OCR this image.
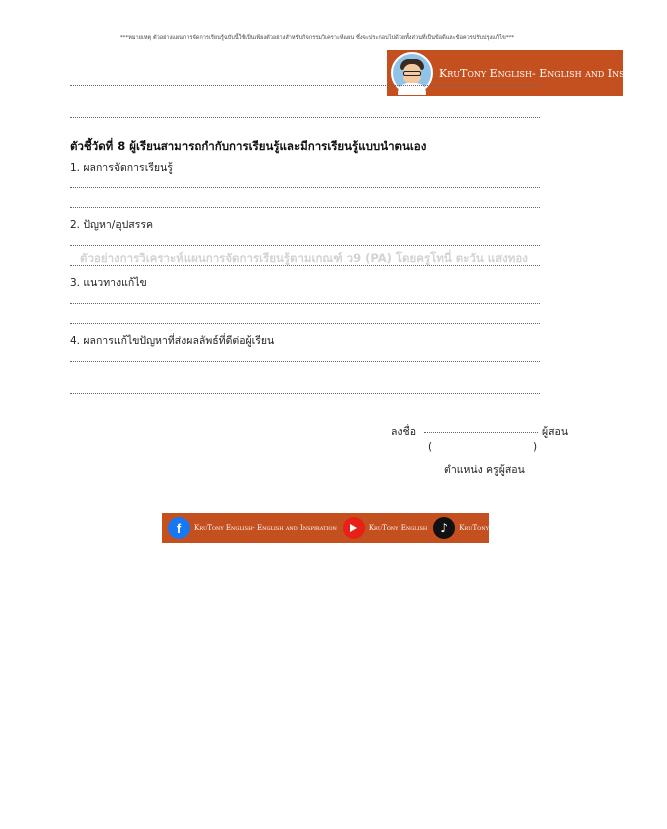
***หมายเหตุ ตัวอย่างแผนการจัดการเรียนรู้ฉบับนี้ใช้เป็นเพียงตัวอย่างสำหรับกิจกรรมวิเคราะห์แผน ซึ่งจะประกอบไปด้วยทั้งส่วนที่เป็นข้อดีและข้อควรปรับปรุงแก้ไข***
KruTony English- English and Inspiration
ตัวชี้วัดที่ 8 ผู้เรียนสามารถกำกับการเรียนรู้และมีการเรียนรู้แบบนำตนเอง
1. ผลการจัดการเรียนรู้
2. ปัญหา/อุปสรรค
ตัวอย่างการวิเคราะห์แผนการจัดการเรียนรู้ตามเกณฑ์ ว9 (PA) โดยครูโทนี่ ตะวัน แสงทอง
3. แนวทางแก้ไข
4. ผลการแก้ไขปัญหาที่ส่งผลลัพธ์ที่ดีต่อผู้เรียน
ลงชื่อ	ผู้สอน
(	)
ตำแหน่ง ครูผู้สอน
f	KruTony English- English and Inspiration	KruTony English	♪	KruTony English
